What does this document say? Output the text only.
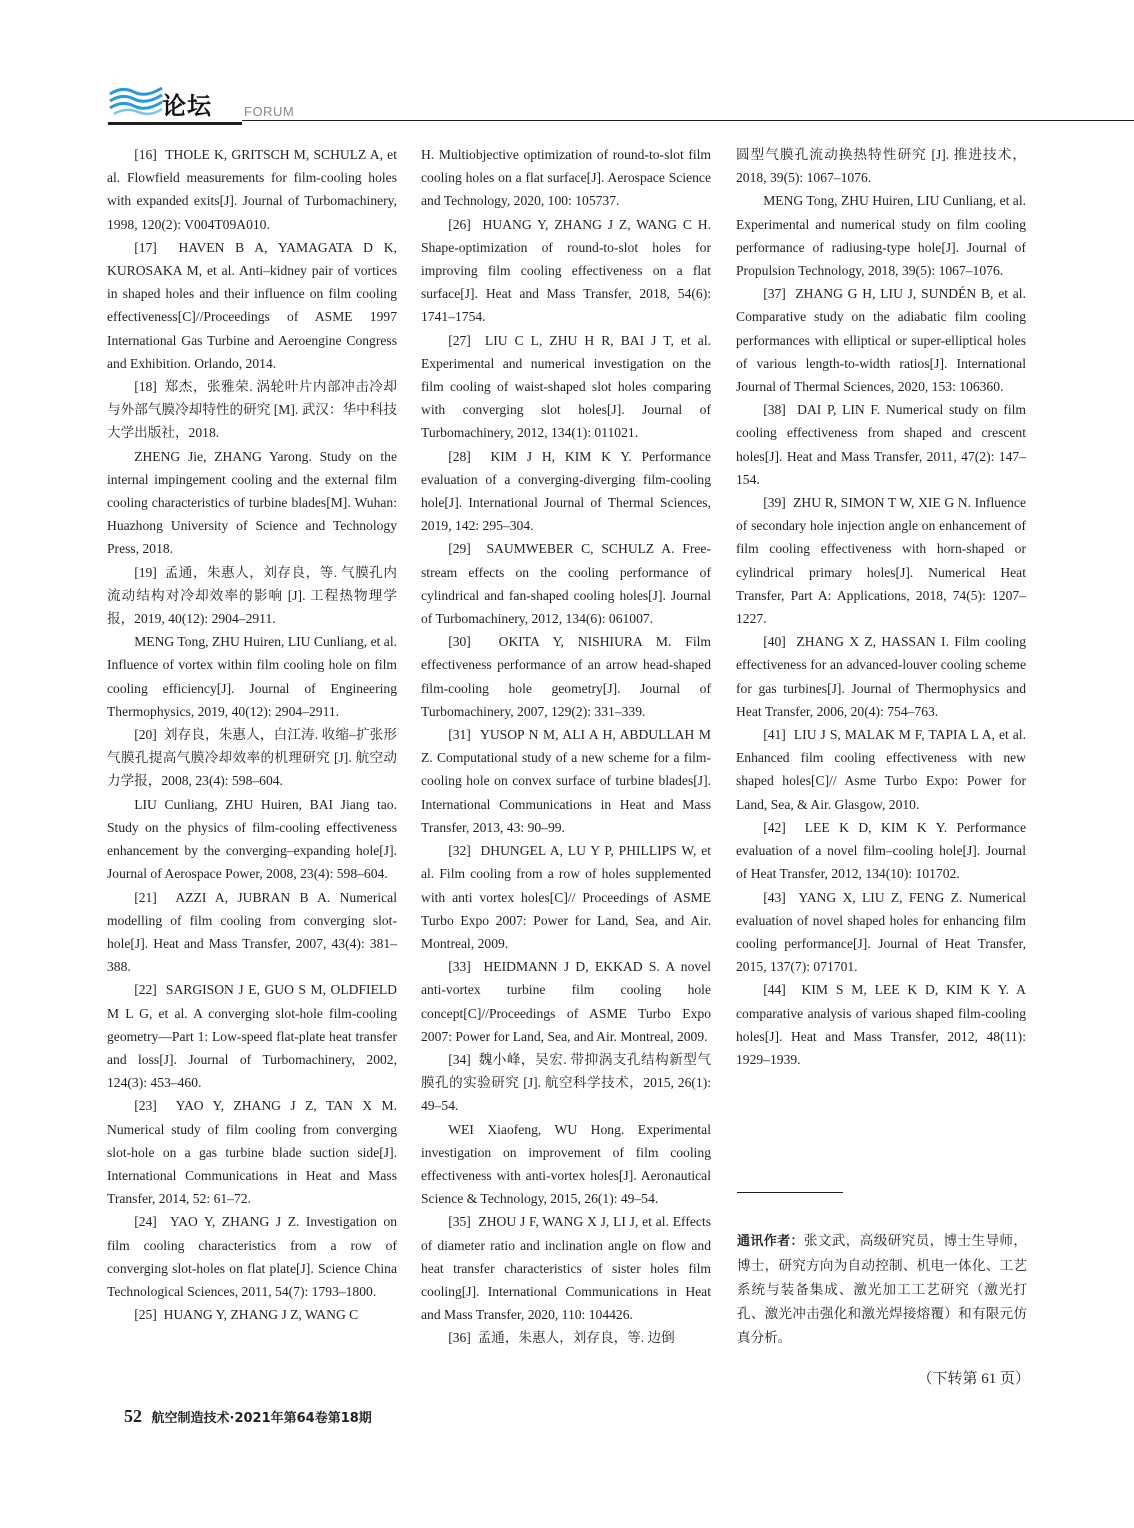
论坛 FORUM

[16]  THOLE K, GRITSCH M, SCHULZ A, et al. Flowfield measurements for film-cooling holes with expanded exits[J]. Journal of Turbomachinery, 1998, 120(2): V004T09A010.

[17]  HAVEN B A, YAMAGATA D K, KUROSAKA M, et al. Anti–kidney pair of vortices in shaped holes and their influence on film cooling effectiveness[C]//Proceedings of ASME 1997 International Gas Turbine and Aeroengine Congress and Exhibition. Orlando, 2014.

[18]  郑杰，张雅荣. 涡轮叶片内部冲击冷却与外部气膜冷却特性的研究 [M]. 武汉：华中科技大学出版社，2018.

ZHENG Jie, ZHANG Yarong. Study on the internal impingement cooling and the external film cooling characteristics of turbine blades[M]. Wuhan: Huazhong University of Science and Technology Press, 2018.

[19]  孟通，朱惠人，刘存良，等. 气膜孔内流动结构对冷却效率的影响 [J]. 工程热物理学报，2019, 40(12): 2904–2911.

MENG Tong, ZHU Huiren, LIU Cunliang, et al. Influence of vortex within film cooling hole on film cooling efficiency[J]. Journal of Engineering Thermophysics, 2019, 40(12): 2904–2911.

[20]  刘存良，朱惠人，白江涛. 收缩–扩张形气膜孔提高气膜冷却效率的机理研究 [J]. 航空动力学报，2008, 23(4): 598–604.

LIU Cunliang, ZHU Huiren, BAI Jiang tao. Study on the physics of film-cooling effectiveness enhancement by the converging–expanding hole[J]. Journal of Aerospace Power, 2008, 23(4): 598–604.

[21]  AZZI A, JUBRAN B A. Numerical modelling of film cooling from converging slot-hole[J]. Heat and Mass Transfer, 2007, 43(4): 381–388.

[22]  SARGISON J E, GUO S M, OLDFIELD M L G, et al. A converging slot-hole film-cooling geometry—Part 1: Low-speed flat-plate heat transfer and loss[J]. Journal of Turbomachinery, 2002, 124(3): 453–460.

[23]  YAO Y, ZHANG J Z, TAN X M. Numerical study of film cooling from converging slot-hole on a gas turbine blade suction side[J]. International Communications in Heat and Mass Transfer, 2014, 52: 61–72.

[24]  YAO Y, ZHANG J Z. Investigation on film cooling characteristics from a row of converging slot-holes on flat plate[J]. Science China Technological Sciences, 2011, 54(7): 1793–1800.

[25]  HUANG Y, ZHANG J Z, WANG C

H. Multiobjective optimization of round-to-slot film cooling holes on a flat surface[J]. Aerospace Science and Technology, 2020, 100: 105737.

[26]  HUANG Y, ZHANG J Z, WANG C H. Shape-optimization of round-to-slot holes for improving film cooling effectiveness on a flat surface[J]. Heat and Mass Transfer, 2018, 54(6): 1741–1754.

[27]  LIU C L, ZHU H R, BAI J T, et al. Experimental and numerical investigation on the film cooling of waist-shaped slot holes comparing with converging slot holes[J]. Journal of Turbomachinery, 2012, 134(1): 011021.

[28]  KIM J H, KIM K Y. Performance evaluation of a converging-diverging film-cooling hole[J]. International Journal of Thermal Sciences, 2019, 142: 295–304.

[29]  SAUMWEBER C, SCHULZ A. Free-stream effects on the cooling performance of cylindrical and fan-shaped cooling holes[J]. Journal of Turbomachinery, 2012, 134(6): 061007.

[30]  OKITA Y, NISHIURA M. Film effectiveness performance of an arrow head-shaped film-cooling hole geometry[J]. Journal of Turbomachinery, 2007, 129(2): 331–339.

[31]  YUSOP N M, ALI A H, ABDULLAH M Z. Computational study of a new scheme for a film-cooling hole on convex surface of turbine blades[J]. International Communications in Heat and Mass Transfer, 2013, 43: 90–99.

[32]  DHUNGEL A, LU Y P, PHILLIPS W, et al. Film cooling from a row of holes supplemented with anti vortex holes[C]// Proceedings of ASME Turbo Expo 2007: Power for Land, Sea, and Air. Montreal, 2009.

[33]  HEIDMANN J D, EKKAD S. A novel anti-vortex turbine film cooling hole concept[C]//Proceedings of ASME Turbo Expo 2007: Power for Land, Sea, and Air. Montreal, 2009.

[34]  魏小峰，吴宏. 带抑涡支孔结构新型气膜孔的实验研究 [J]. 航空科学技术，2015, 26(1): 49–54.

WEI Xiaofeng, WU Hong. Experimental investigation on improvement of film cooling effectiveness with anti-vortex holes[J]. Aeronautical Science & Technology, 2015, 26(1): 49–54.

[35]  ZHOU J F, WANG X J, LI J, et al. Effects of diameter ratio and inclination angle on flow and heat transfer characteristics of sister holes film cooling[J]. International Communications in Heat and Mass Transfer, 2020, 110: 104426.

[36]  孟通，朱惠人，刘存良，等. 边倒

圆型气膜孔流动换热特性研究 [J]. 推进技术，2018, 39(5): 1067–1076.

MENG Tong, ZHU Huiren, LIU Cunliang, et al. Experimental and numerical study on film cooling performance of radiusing-type hole[J]. Journal of Propulsion Technology, 2018, 39(5): 1067–1076.

[37]  ZHANG G H, LIU J, SUNDÉN B, et al. Comparative study on the adiabatic film cooling performances with elliptical or super-elliptical holes of various length-to-width ratios[J]. International Journal of Thermal Sciences, 2020, 153: 106360.

[38]  DAI P, LIN F. Numerical study on film cooling effectiveness from shaped and crescent holes[J]. Heat and Mass Transfer, 2011, 47(2): 147–154.

[39]  ZHU R, SIMON T W, XIE G N. Influence of secondary hole injection angle on enhancement of film cooling effectiveness with horn-shaped or cylindrical primary holes[J]. Numerical Heat Transfer, Part A: Applications, 2018, 74(5): 1207–1227.

[40]  ZHANG X Z, HASSAN I. Film cooling effectiveness for an advanced-louver cooling scheme for gas turbines[J]. Journal of Thermophysics and Heat Transfer, 2006, 20(4): 754–763.

[41]  LIU J S, MALAK M F, TAPIA L A, et al. Enhanced film cooling effectiveness with new shaped holes[C]// Asme Turbo Expo: Power for Land, Sea, & Air. Glasgow, 2010.

[42]  LEE K D, KIM K Y. Performance evaluation of a novel film–cooling hole[J]. Journal of Heat Transfer, 2012, 134(10): 101702.

[43]  YANG X, LIU Z, FENG Z. Numerical evaluation of novel shaped holes for enhancing film cooling performance[J]. Journal of Heat Transfer, 2015, 137(7): 071701.

[44]  KIM S M, LEE K D, KIM K Y. A comparative analysis of various shaped film-cooling holes[J]. Heat and Mass Transfer, 2012, 48(11): 1929–1939.

通讯作者：张文武，高级研究员，博士生导师，博士，研究方向为自动控制、机电一体化、工艺系统与装备集成、激光加工工艺研究（激光打孔、激光冲击强化和激光焊接熔覆）和有限元仿真分析。
（下转第 61 页）
52 航空制造技术·2021年第64卷第18期
